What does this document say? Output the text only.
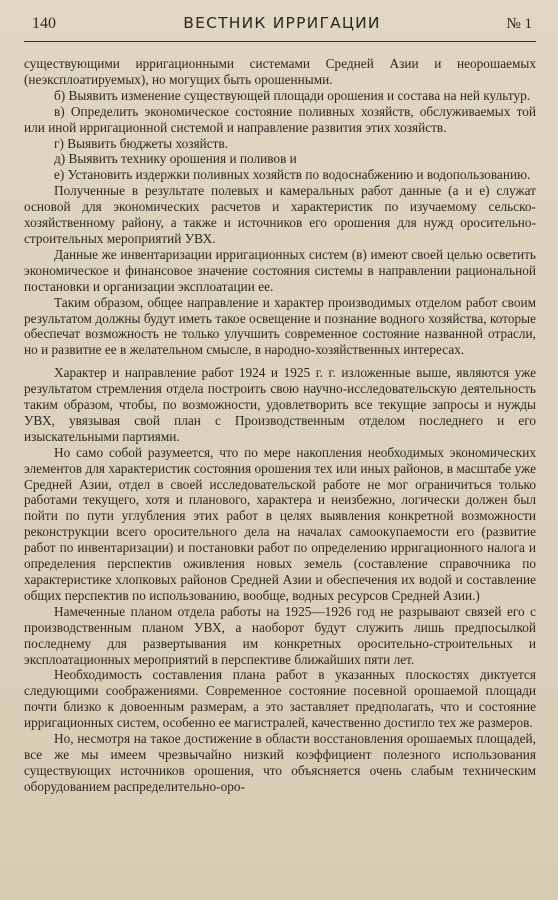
140	ВЕСТНИК ИРРИГАЦИИ	№ 1

существующими ирригационными системами Средней Азии и неорошаемых (неэксплоатируемых), но могущих быть орошенными.

б) Выявить изменение существующей площади орошения и состава на ней культур.

в) Определить экономическое состояние поливных хозяйств, обслуживаемых той или иной ирригационной системой и направление развития этих хозяйств.

г) Выявить бюджеты хозяйств.

д) Выявить технику орошения и поливов и

е) Установить издержки поливных хозяйств по водоснабжению и водопользованию.

Полученные в результате полевых и камеральных работ данные (а и е) служат основой для экономических расчетов и характеристик по изучаемому сельско-хозяйственному району, а также и источников его орошения для нужд оросительно-строительных мероприятий УВХ.

Данные же инвентаризации ирригационных систем (в) имеют своей целью осветить экономическое и финансовое значение состояния системы в направлении рациональной постановки и организации эксплоатации ее.

Таким образом, общее направление и характер производимых отделом работ своим результатом должны будут иметь такое освещение и познание водного хозяйства, которые обеспечат возможность не только улучшить современное состояние названной отрасли, но и развитие ее в желательном смысле, в народно-хозяйственных интересах.

Характер и направление работ 1924 и 1925 г. г. изложенные выше, являются уже результатом стремления отдела построить свою научно-исследовательскую деятельность таким образом, чтобы, по возможности, удовлетворить все текущие запросы и нужды УВХ, увязывая свой план с Производственным отделом последнего и его изыскательными партиями.

Но само собой разумеется, что по мере накопления необходимых экономических элементов для характеристик состояния орошения тех или иных районов, в масштабе уже Средней Азии, отдел в своей исследовательской работе не мог ограничиться только работами текущего, хотя и планового, характера и неизбежно, логически должен был пойти по пути углубления этих работ в целях выявления конкретной возможности реконструкции всего оросительного дела на началах самоокупаемости его (развитие работ по инвентаризации) и постановки работ по определению ирригационного налога и определения перспектив оживления новых земель (составление справочника по характеристике хлопковых районов Средней Азии и обеспечения их водой и составление общих перспектив по использованию, вообще, водных ресурсов Средней Азии.)

Намеченные планом отдела работы на 1925—1926 год не разрывают связей его с производственным планом УВХ, а наоборот будут служить лишь предпосылкой последнему для развертывания им конкретных оросительно-строительных и эксплоатационных мероприятий в перспективе ближайших пяти лет.

Необходимость составления плана работ в указанных плоскостях диктуется следующими соображениями. Современное состояние посевной орошаемой площади почти близко к довоенным размерам, а это заставляет предполагать, что и состояние ирригационных систем, особенно ее магистралей, качественно достигло тех же размеров.

Но, несмотря на такое достижение в области восстановления орошаемых площадей, все же мы имеем чрезвычайно низкий коэффициент полезного использования существующих источников орошения, что объясняется очень слабым техническим оборудованием распределительно-оро-
